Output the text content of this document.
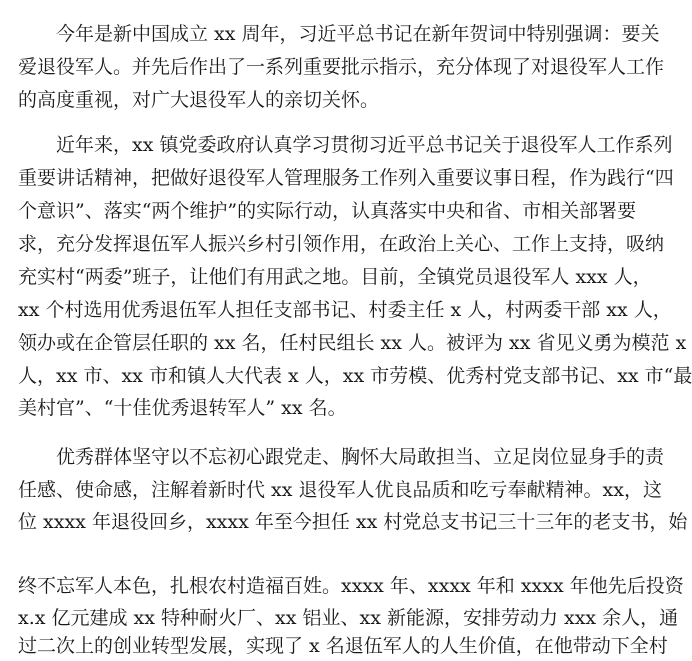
今年是新中国成立 xx 周年，习近平总书记在新年贺词中特别强调：要关
爱退役军人。并先后作出了一系列重要批示指示，充分体现了对退役军人工作
的高度重视，对广大退役军人的亲切关怀。
近年来，xx 镇党委政府认真学习贯彻习近平总书记关于退役军人工作系列
重要讲话精神，把做好退役军人管理服务工作列入重要议事日程，作为践行“四
个意识”、落实“两个维护”的实际行动，认真落实中央和省、市相关部署要
求，充分发挥退伍军人振兴乡村引领作用，在政治上关心、工作上支持，吸纳
充实村“两委”班子，让他们有用武之地。目前，全镇党员退役军人 xxx 人，
xx 个村选用优秀退伍军人担任支部书记、村委主任 x 人，村两委干部 xx 人，
领办或在企管层任职的 xx 名，任村民组长 xx 人。被评为 xx 省见义勇为模范 x
人，xx 市、xx 市和镇人大代表 x 人，xx 市劳模、优秀村党支部书记、xx 市“最
美村官”、“十佳优秀退转军人” xx 名。
优秀群体坚守以不忘初心跟党走、胸怀大局敢担当、立足岗位显身手的责
任感、使命感，注解着新时代 xx 退役军人优良品质和吃亏奉献精神。xx，这
位 xxxx 年退役回乡，xxxx 年至今担任 xx 村党总支书记三十三年的老支书，始
终不忘军人本色，扎根农村造福百姓。xxxx 年、xxxx 年和 xxxx 年他先后投资
x.x 亿元建成 xx 特种耐火厂、xx 铝业、xx 新能源，安排劳动力 xxx 余人，通
过二次上的创业转型发展，实现了 x 名退伍军人的人生价值，在他带动下全村
